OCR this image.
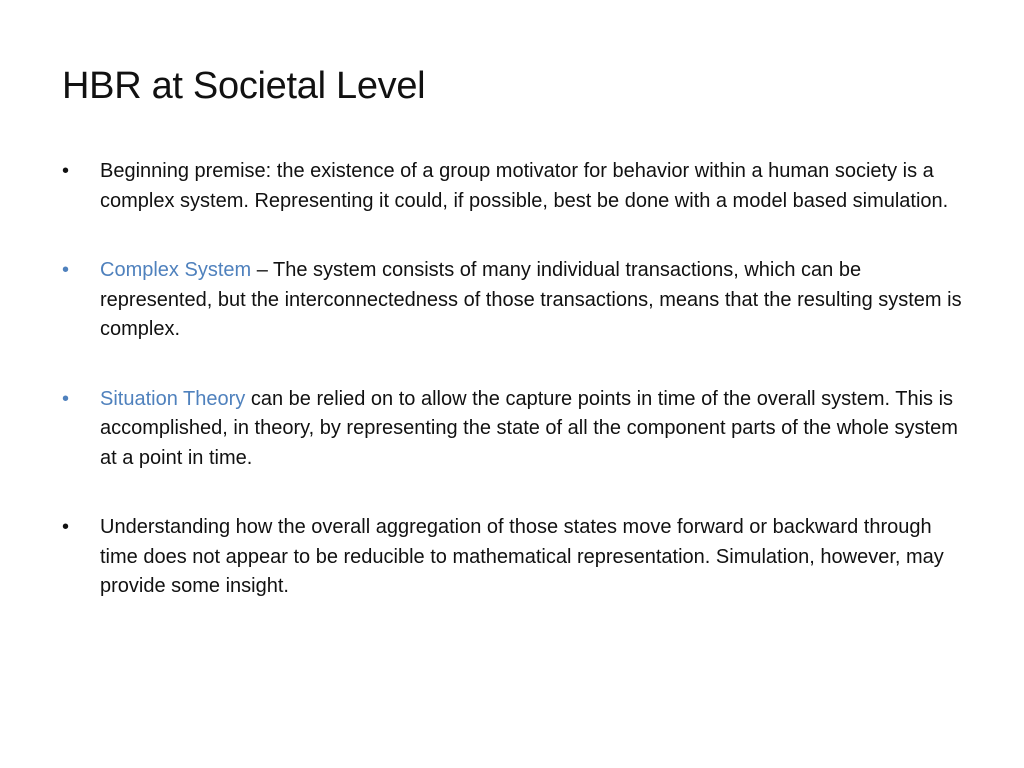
HBR at Societal Level
•	Beginning premise: the existence of a group motivator for behavior within a human society is a complex system. Representing it could, if possible, best be done with a model based simulation.
•	Complex System – The system consists of many individual transactions, which can be represented, but the interconnectedness of those transactions, means that the resulting system is complex.
•	Situation Theory can be relied on to allow the capture points in time of the overall system. This is accomplished, in theory, by representing the state of all the component parts of the whole system at a point in time.
•	Understanding how the overall aggregation of those states move forward or backward through time does not appear to be reducible to mathematical representation. Simulation, however, may provide some insight.
